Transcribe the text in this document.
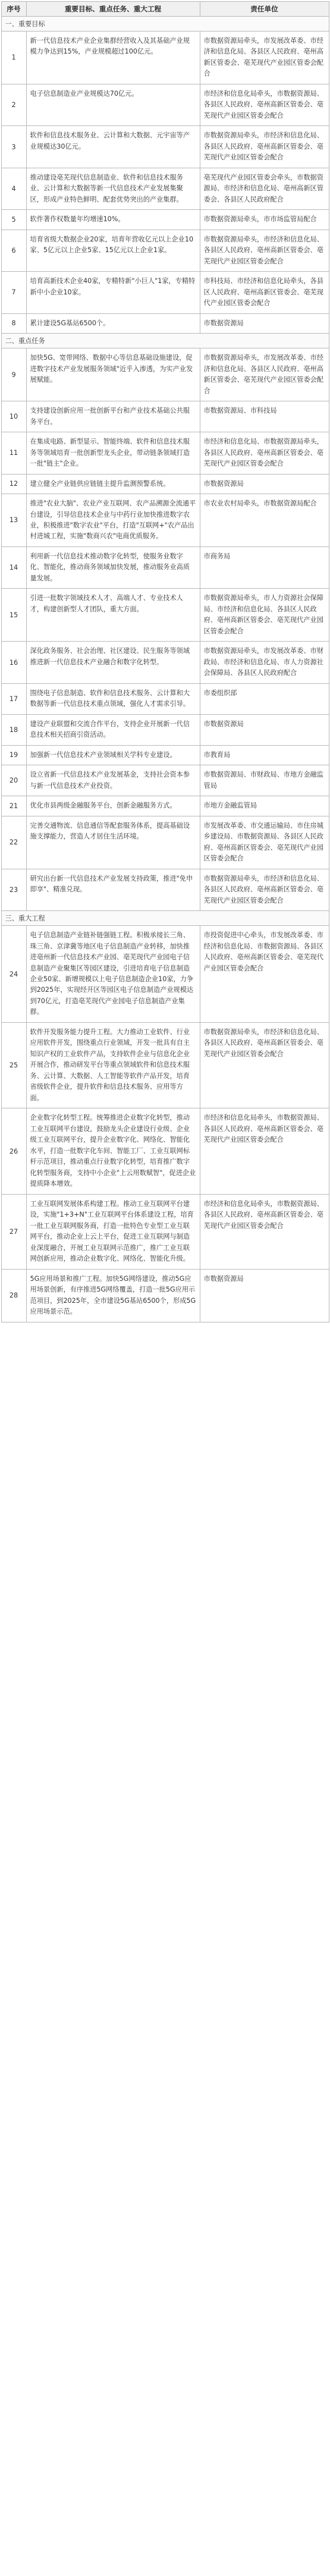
序号	重要目标、重点任务、重大工程	责任单位
一、重要目标		
1	新一代信息技术产业企业集群经营收入及其基础产业规模力争达到15%，产业规模超过100亿元。	市数据资源局牵头，市发展改革委、市经济和信息化局、各县区人民政府、亳州高新区管委会、亳芜现代产业园区管委会配合
2	电子信息制造业产业规模达70亿元。	市经济和信息化局牵头，市数据资源局、各县区人民政府、亳州高新区管委会、亳芜现代产业园区管委会配合
3	软件和信息技术服务业、云计算和大数据、元宇宙等产业规模达30亿元。	市数据资源局牵头，市经济和信息化局、各县区人民政府、亳州高新区管委会、亳芜现代产业园区管委会配合
4	推动建设亳芜现代信息制造业、软件和信息技术服务业、云计算和大数据等新一代信息技术产业发展集聚区，形成产业特色鲜明、配套优势突出的产业集群。	亳芜现代产业园区管委会牵头，市数据资源局、市经济和信息化局、亳州高新区管委会、各县区人民政府配合
5	软件著作权数量年均增速10%。	市数据资源局牵头，市市场监管局配合
6	培育省级大数据企业20家，培育年营收亿元以上企业10家、5亿元以上企业5家、15亿元以上企业1家。	市数据资源局牵头，市经济和信息化局、各县区人民政府、亳州高新区管委会、亳芜现代产业园区管委会配合
7	培育高新技术企业40家，专精特新"小巨人"1家，专精特新中小企业10家。	市科技局、市经济和信息化局牵头，各县区人民政府、亳州高新区管委会、亳芜现代产业园区管委会配合
8	累计建设5G基站6500个。	市数据资源局
二、重点任务		
9	加快5G、宽带网络、数据中心等信息基础设施建设，促进数字技术产业发展服务领域"近乎入渗透，为实产业发展赋能。	市数据资源局牵头，市发展改革委、市经济和信息化局、各县区人民政府、亳州高新区管委会、亳芜现代产业园区管委会配合
10	支持建设创新应用一批创新平台和产业技术基础公共服务平台。	市数据资源局、市科技局
11	在集成电路、新型显示、智能终端、软件和信息技术服务等领域培育一批创新型龙头企业，带动链条领域打造一批"链主"企业。	市经济和信息化局、市数据资源局牵头，各县区人民政府、亳州高新区管委会、亳芜现代产业园区管委会配合
12	建立健全产业链供应链链主提升监测预警系统。	市数据资源局
13	推进"农业大脑"、农业产业互联网、农产品溯源全流通平台建设，引导信息技术企业与中药行业加快推进数字农业，积极推进"数字农业"平台，打造"互联网+"农产品出村进城工程，实施"数商兴农"电商优质服务。	市农业农村局牵头，市数据资源局配合
14	利用新一代信息技术推动数字化转型，使服务业数字化、智能化，推动商务领域加快发展，推动服务业高质量发展。	市商务局
15	引进一批数字领域技术人才、高端人才、专业技术人才，构建创新型人才团队，重大方面。	市数据资源局牵头，市人力资源社会保障局、市经济和信息化局、各县区人民政府、亳州高新区管委会、亳芜现代产业园区管委会配合
16	深化政务服务、社会治理、社区建设、民生服务等领域推进新一代信息技术产业融合和数字化转型。	市数据资源局牵头，市发展改革委、市财政局、市经济和信息化局、市人力资源社会保障局、各县区人民政府配合
17	围绕电子信息制造、软件和信息技术服务、云计算和大数据等新一代信息技术重点领域，强化人才需求引导。	市委组织部
18	建设产业联盟和交流合作平台，支持企业开展新一代信息技术相关招商引资活动。	市数据资源局
19	加强新一代信息技术产业领域相关学科专业建设。	市教育局
20	设立省新一代信息技术产业发展基金，支持社会资本参与新一代信息技术产业投资。	市数据资源局、市财政局、市地方金融监管局
21	优化市县两级金融服务平台，创新金融服务方式。	市地方金融监管局
22	完善交通物流、信息通信等配套服务体系，提高基础设施支撑能力，营造人才居住生活环境。	市发展改革委、市交通运输局、市住房城乡建设局、市数据资源局、各县区人民政府、亳州高新区管委会、亳芜现代产业园区管委会配合
23	研究出台新一代信息技术产业发展支持政策，推进"免申即享"、精准兑现。	市数据资源局牵头，市经济和信息化局、各县区人民政府、亳州高新区管委会、亳芜现代产业园区管委会配合
三、重大工程		
24	电子信息制造产业链补链强链工程。积极承接长三角、珠三角、京津冀等地区电子信息制造产业转移，加快推进亳州新一代信息技术产业园、亳芜现代产业园电子信息制造产业聚集区等园区建设，引进培育电子信息制造企业50家、新增规模以上电子信息制造企业10家，力争到2025年，实现经开区等园区电子信息制造产业规模达到70亿元，打造亳芜现代产业园电子信息制造产业集群。	市投资促进中心牵头，市发展改革委、市经济和信息化局、市数据资源局、各县区人民政府、亳州高新区管委会、亳芜现代产业园区管委会配合
25	软件开发服务能力提升工程。大力推动工业软件、行业应用软件开发，围绕重点行业领域，开发一批具有自主知识产权的工业软件产品，支持软件企业与信息化企业开展合作，推动研发平台等重点领域软件和信息技术服务、云计算、大数据、人工智能等软件产品开发，培育省级软件企业，提升软件和信息技术服务、应用等方面。	市数据资源局牵头，市经济和信息化局、各县区人民政府、亳州高新区管委会、亳芜现代产业园区管委会配合
26	企业数字化转型工程。统筹推进企业数字化转型，推动工业互联网平台建设，鼓励龙头企业建设行业级、企业级工业互联网平台，提升企业数字化、网络化、智能化水平，打造一批数字化车间、智能工厂、工业互联网标杆示范项目，推动重点行业数字化转型，培育推广数字化转型服务商，支持中小企业"上云用数赋智"，促进企业提质降本增效。	市经济和信息化局牵头，市数据资源局、各县区人民政府、亳州高新区管委会、亳芜现代产业园区管委会配合
27	工业互联网发展体系构建工程。推动工业互联网平台建设，实施"1+3+N"工业互联网平台体系建设工程，培育一批工业互联网服务商，打造一批特色专业型工业互联网平台，推动企业上云上平台，促进工业互联网与制造业深度融合，开展工业互联网示范推广，推广工业互联网创新应用，推动企业数字化、网络化、智能化升级。	市经济和信息化局牵头，市数据资源局、各县区人民政府、亳州高新区管委会、亳芜现代产业园区管委会配合
28	5G应用场景和推广工程。加快5G网络建设，推动5G应用场景创新，有序推进5G网络覆盖，打造一批5G应用示范项目，到2025年，全市建设5G基站6500个，形成5G应用场景示范。	市数据资源局
